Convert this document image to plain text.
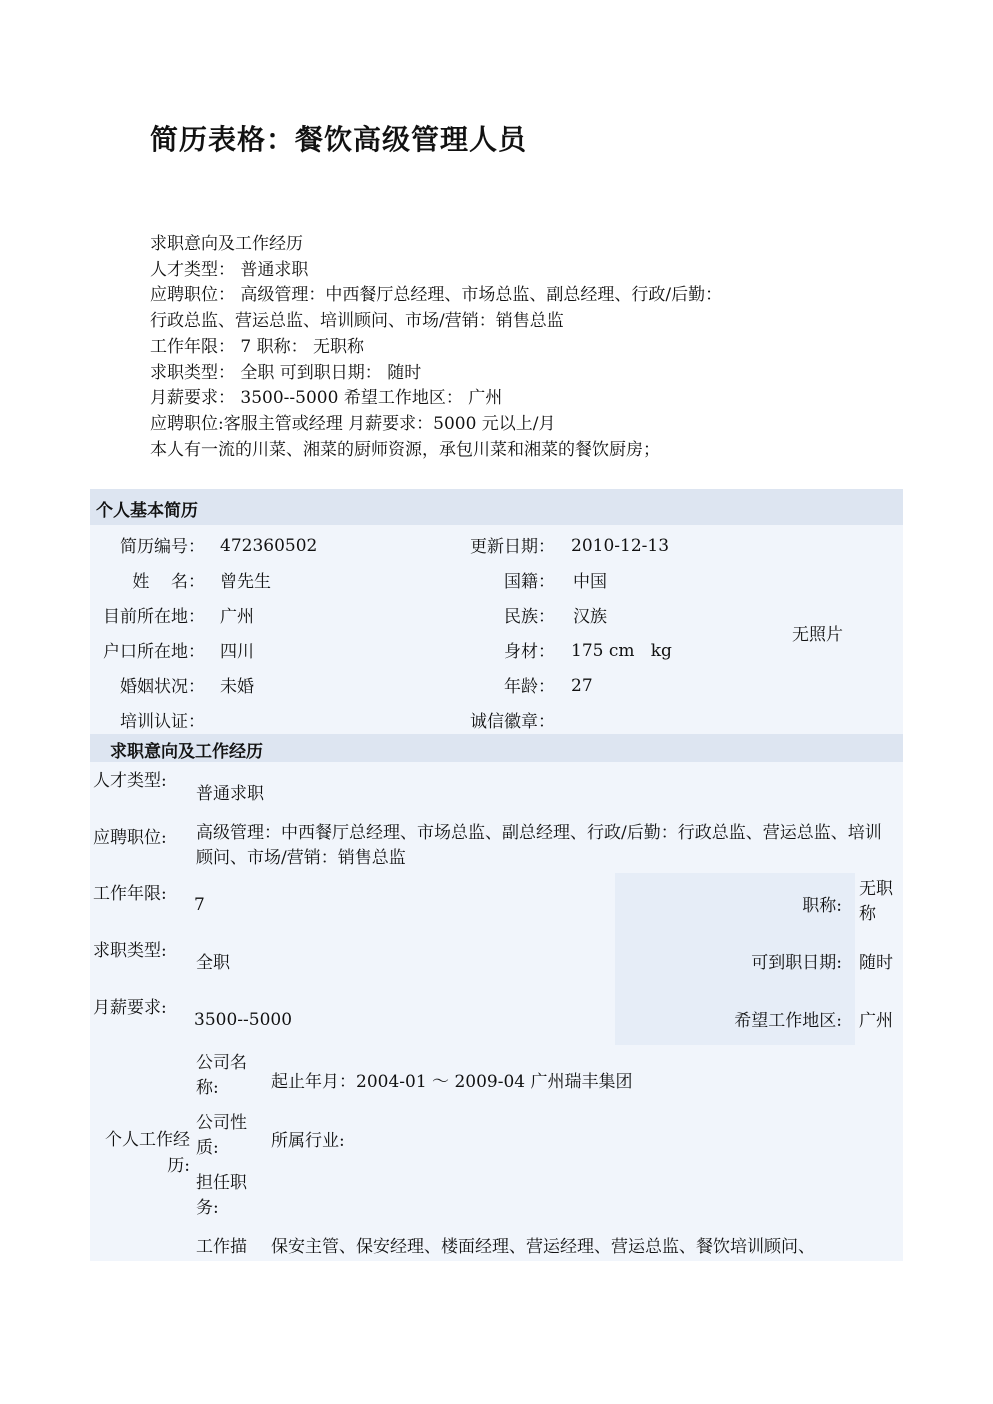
简历表格：餐饮高级管理人员
求职意向及工作经历
人才类型： 普通求职
应聘职位： 高级管理：中西餐厅总经理、市场总监、副总经理、行政/后勤：
行政总监、营运总监、培训顾问、市场/营销：销售总监
工作年限： 7 职称： 无职称
求职类型： 全职 可到职日期： 随时
月薪要求： 3500--5000 希望工作地区： 广州
应聘职位:客服主管或经理 月薪要求：5000 元以上/月
本人有一流的川菜、湘菜的厨师资源，承包川菜和湘菜的餐饮厨房；
个人基本简历
简历编号： 472360502	更新日期： 2010-12-13
姓    名： 曾先生	国籍： 中国
目前所在地： 广州	民族： 汉族
户口所在地： 四川	身材： 175 cm   kg
婚姻状况： 未婚	年龄： 27
培训认证：	诚信徽章：
无照片
求职意向及工作经历
人才类型:
普通求职
应聘职位: 高级管理：中西餐厅总经理、市场总监、副总经理、行政/后勤：行政总监、营运总监、培训顾问、市场/营销：销售总监
工作年限:
7	职称:
无职称
求职类型:
全职	可到职日期: 随时
月薪要求:
3500--5000	希望工作地区: 广州
个人工作经历:
公司名称:	起止年月：2004-01 ～ 2009-04 广州瑞丰集团
公司性质:	所属行业:
担任职务:
工作描 保安主管、保安经理、楼面经理、营运经理、营运总监、餐饮培训顾问、
